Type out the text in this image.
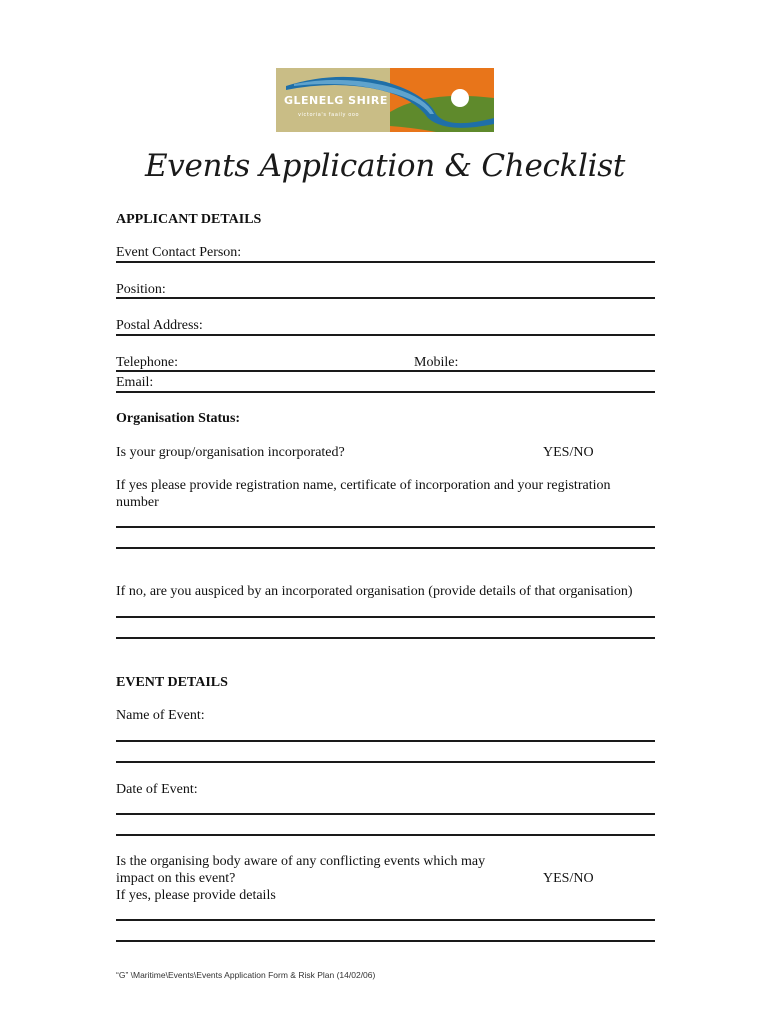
GLENELG SHIRE
victoria's faaily ooo
Events Application & Checklist
APPLICANT DETAILS
Event Contact Person:
Position:
Postal Address:
Telephone:	Mobile:
Email:
Organisation Status:
Is your group/organisation incorporated?	YES/NO
If yes please provide registration name, certificate of incorporation and your registration number
If no, are you auspiced by an incorporated organisation (provide details of that organisation)
EVENT DETAILS
Name of Event:
Date of Event:
Is the organising body aware of any conflicting events which may
impact on this event?	YES/NO
If yes, please provide details
“G” \Maritime\Events\Events Application Form & Risk Plan (14/02/06)
